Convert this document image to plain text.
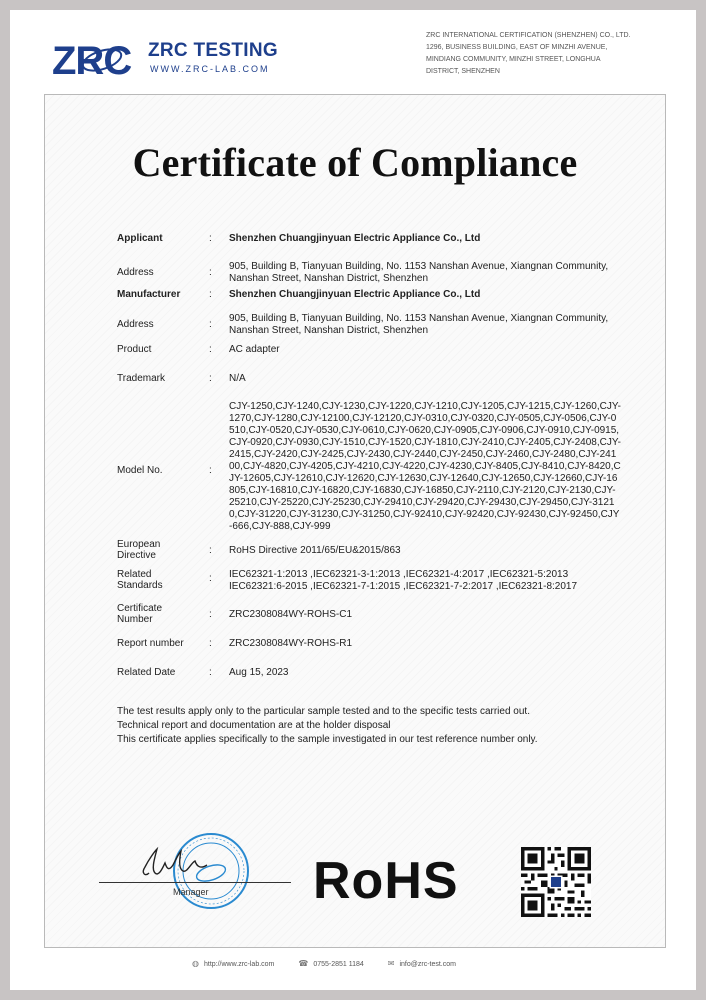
ZRC ZRC TESTING
WWW.ZRC-LAB.COM
ZRC INTERNATIONAL CERTIFICATION (SHENZHEN) CO., LTD.
1296, BUSINESS BUILDING, EAST OF MINZHI AVENUE,
MINDIANG COMMUNITY, MINZHI STREET, LONGHUA
DISTRICT, SHENZHEN
Certificate of Compliance
Applicant	: Shenzhen Chuangjinyuan Electric Appliance Co., Ltd
Address	:
905, Building B, Tianyuan Building, No. 1153 Nanshan Avenue, Xiangnan Community, Nanshan Street, Nanshan District, Shenzhen
Manufacturer	: Shenzhen Chuangjinyuan Electric Appliance Co., Ltd
Address	:
905, Building B, Tianyuan Building, No. 1153 Nanshan Avenue, Xiangnan Community, Nanshan Street, Nanshan District, Shenzhen
Product	: AC adapter
Trademark	: N/A
Model No.	:
CJY-1250,CJY-1240,CJY-1230,CJY-1220,CJY-1210,CJY-1205,CJY-1215,CJY-1260,CJY-1270,CJY-1280,CJY-12100,CJY-12120,CJY-0310,CJY-0320,CJY-0505,CJY-0506,CJY-0510,CJY-0520,CJY-0530,CJY-0610,CJY-0620,CJY-0905,CJY-0906,CJY-0910,CJY-0915,CJY-0920,CJY-0930,CJY-1510,CJY-1520,CJY-1810,CJY-2410,CJY-2405,CJY-2408,CJY-2415,CJY-2420,CJY-2425,CJY-2430,CJY-2440,CJY-2450,CJY-2460,CJY-2480,CJY-24100,CJY-4820,CJY-4205,CJY-4210,CJY-4220,CJY-4230,CJY-8405,CJY-8410,CJY-8420,CJY-12605,CJY-12610,CJY-12620,CJY-12630,CJY-12640,CJY-12650,CJY-12660,CJY-16805,CJY-16810,CJY-16820,CJY-16830,CJY-16850,CJY-2110,CJY-2120,CJY-2130,CJY-25210,CJY-25220,CJY-25230,CJY-29410,CJY-29420,CJY-29430,CJY-29450,CJY-31210,CJY-31220,CJY-31230,CJY-31250,CJY-92410,CJY-92420,CJY-92430,CJY-92450,CJY-666,CJY-888,CJY-999
European Directive	: RoHS Directive 2011/65/EU&2015/863
Related Standards
: IEC62321-1:2013 ,IEC62321-3-1:2013 ,IEC62321-4:2017 ,IEC62321-5:2013 IEC62321:6-2015 ,IEC62321-7-1:2015 ,IEC62321-7-2:2017 ,IEC62321-8:2017
Certificate Number	: ZRC2308084WY-ROHS-C1
Report number	: ZRC2308084WY-ROHS-R1
Related Date	: Aug 15, 2023
The test results apply only to the particular sample tested and to the specific tests carried out.
Technical report and documentation are at the holder disposal
This certificate applies specifically to the sample investigated in our test reference number only.
Manager RoHS
◍ http://www.zrc-lab.com	☎ 0755-2851 1184	✉ info@zrc-test.com
